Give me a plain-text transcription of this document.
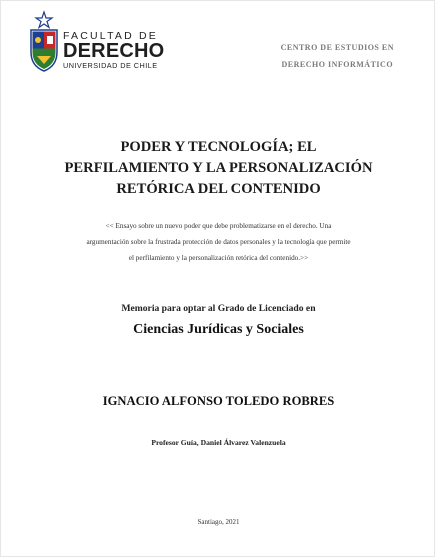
FACULTAD DE
DERECHO
UNIVERSIDAD DE CHILE
CENTRO DE ESTUDIOS EN
DERECHO INFORMÁTICO
PODER Y TECNOLOGÍA; EL
PERFILAMIENTO Y LA PERSONALIZACIÓN
RETÓRICA DEL CONTENIDO
<< Ensayo sobre un nuevo poder que debe problematizarse en el derecho. Una
argumentación sobre la frustrada protección de datos personales y la tecnología que permite
el perfilamiento y la personalización retórica del contenido.>>
Memoria para optar al Grado de Licenciado en
Ciencias Jurídicas y Sociales
IGNACIO ALFONSO TOLEDO ROBRES
Profesor Guía, Daniel Álvarez Valenzuela
Santiago, 2021
